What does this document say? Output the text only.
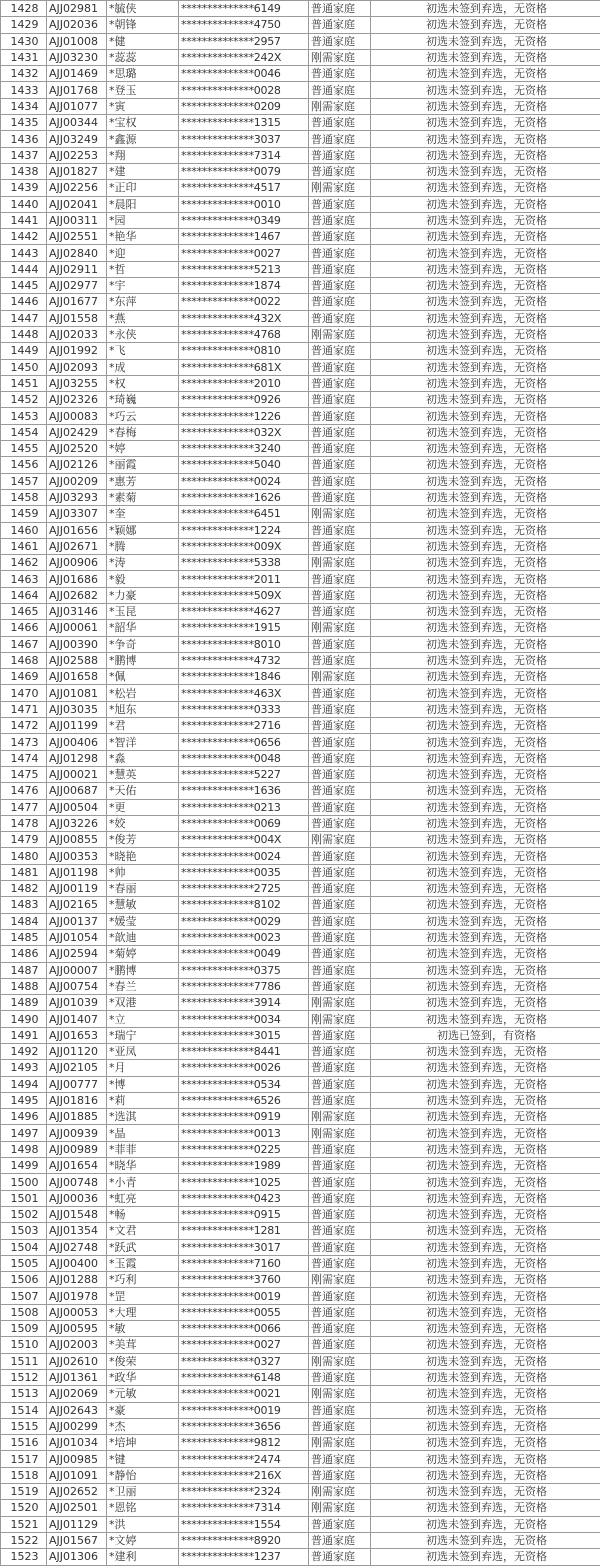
1428	AJJ02981	*毓侠	**************6149	普通家庭	初选未签到弃选，无资格
1429	AJJ02036	*朝锋	**************4750	普通家庭	初选未签到弃选，无资格
1430	AJJ01008	*健	**************2957	普通家庭	初选未签到弃选，无资格
1431	AJJ03230	*蕊蕊	**************242X	刚需家庭	初选未签到弃选，无资格
1432	AJJ01469	*思璐	**************0046	普通家庭	初选未签到弃选，无资格
1433	AJJ01768	*登玉	**************0028	普通家庭	初选未签到弃选，无资格
1434	AJJ01077	*寅	**************0209	刚需家庭	初选未签到弃选，无资格
1435	AJJ00344	*宝权	**************1315	普通家庭	初选未签到弃选，无资格
1436	AJJ03249	*鑫源	**************3037	普通家庭	初选未签到弃选，无资格
1437	AJJ02253	*翔	**************7314	普通家庭	初选未签到弃选，无资格
1438	AJJ01827	*建	**************0079	普通家庭	初选未签到弃选，无资格
1439	AJJ02256	*正印	**************4517	刚需家庭	初选未签到弃选，无资格
1440	AJJ02041	*晨阳	**************0010	普通家庭	初选未签到弃选，无资格
1441	AJJ00311	*园	**************0349	普通家庭	初选未签到弃选，无资格
1442	AJJ02551	*艳华	**************1467	普通家庭	初选未签到弃选，无资格
1443	AJJ02840	*迎	**************0027	普通家庭	初选未签到弃选，无资格
1444	AJJ02911	*哲	**************5213	普通家庭	初选未签到弃选，无资格
1445	AJJ02977	*宇	**************1874	普通家庭	初选未签到弃选，无资格
1446	AJJ01677	*东萍	**************0022	普通家庭	初选未签到弃选，无资格
1447	AJJ01558	*燕	**************432X	普通家庭	初选未签到弃选，无资格
1448	AJJ02033	*永侠	**************4768	刚需家庭	初选未签到弃选，无资格
1449	AJJ01992	*飞	**************0810	普通家庭	初选未签到弃选，无资格
1450	AJJ02093	*成	**************681X	普通家庭	初选未签到弃选，无资格
1451	AJJ03255	*权	**************2010	普通家庭	初选未签到弃选，无资格
1452	AJJ02326	*琦巍	**************0926	普通家庭	初选未签到弃选，无资格
1453	AJJ00083	*巧云	**************1226	普通家庭	初选未签到弃选，无资格
1454	AJJ02429	*春梅	**************032X	普通家庭	初选未签到弃选，无资格
1455	AJJ02520	*婷	**************3240	普通家庭	初选未签到弃选，无资格
1456	AJJ02126	*丽霞	**************5040	普通家庭	初选未签到弃选，无资格
1457	AJJ00209	*惠芳	**************0024	普通家庭	初选未签到弃选，无资格
1458	AJJ03293	*素菊	**************1626	普通家庭	初选未签到弃选，无资格
1459	AJJ03307	*奎	**************6451	刚需家庭	初选未签到弃选，无资格
1460	AJJ01656	*颖娜	**************1224	普通家庭	初选未签到弃选，无资格
1461	AJJ02671	*腾	**************009X	普通家庭	初选未签到弃选，无资格
1462	AJJ00906	*涛	**************5338	刚需家庭	初选未签到弃选，无资格
1463	AJJ01686	*毅	**************2011	普通家庭	初选未签到弃选，无资格
1464	AJJ02682	*力豪	**************509X	普通家庭	初选未签到弃选，无资格
1465	AJJ03146	*玉昆	**************4627	普通家庭	初选未签到弃选，无资格
1466	AJJ00061	*韶华	**************1915	刚需家庭	初选未签到弃选，无资格
1467	AJJ00390	*争奇	**************8010	普通家庭	初选未签到弃选，无资格
1468	AJJ02588	*鹏博	**************4732	普通家庭	初选未签到弃选，无资格
1469	AJJ01658	*佩	**************1846	刚需家庭	初选未签到弃选，无资格
1470	AJJ01081	*松岩	**************463X	普通家庭	初选未签到弃选，无资格
1471	AJJ03035	*旭东	**************0333	普通家庭	初选未签到弃选，无资格
1472	AJJ01199	*君	**************2716	普通家庭	初选未签到弃选，无资格
1473	AJJ00406	*智洋	**************0656	普通家庭	初选未签到弃选，无资格
1474	AJJ01298	*淼	**************0048	普通家庭	初选未签到弃选，无资格
1475	AJJ00021	*慧英	**************5227	普通家庭	初选未签到弃选，无资格
1476	AJJ00687	*天佑	**************1636	普通家庭	初选未签到弃选，无资格
1477	AJJ00504	*更	**************0213	普通家庭	初选未签到弃选，无资格
1478	AJJ03226	*姣	**************0069	普通家庭	初选未签到弃选，无资格
1479	AJJ00855	*俊芳	**************004X	刚需家庭	初选未签到弃选，无资格
1480	AJJ00353	*晓艳	**************0024	普通家庭	初选未签到弃选，无资格
1481	AJJ01198	*帅	**************0035	普通家庭	初选未签到弃选，无资格
1482	AJJ00119	*春丽	**************2725	普通家庭	初选未签到弃选，无资格
1483	AJJ02165	*慧敏	**************8102	普通家庭	初选未签到弃选，无资格
1484	AJJ00137	*媛莹	**************0029	普通家庭	初选未签到弃选，无资格
1485	AJJ01054	*歆迪	**************0023	普通家庭	初选未签到弃选，无资格
1486	AJJ02594	*菊婷	**************0049	普通家庭	初选未签到弃选，无资格
1487	AJJ00007	*鹏博	**************0375	普通家庭	初选未签到弃选，无资格
1488	AJJ00754	*春兰	**************7786	普通家庭	初选未签到弃选，无资格
1489	AJJ01039	*双港	**************3914	刚需家庭	初选未签到弃选，无资格
1490	AJJ01407	*立	**************0034	刚需家庭	初选未签到弃选，无资格
1491	AJJ01653	*瑞宁	**************3015	普通家庭	初选已签到，有资格
1492	AJJ01120	*亚凤	**************8441	普通家庭	初选未签到弃选，无资格
1493	AJJ02105	*月	**************0026	普通家庭	初选未签到弃选，无资格
1494	AJJ00777	*博	**************0534	普通家庭	初选未签到弃选，无资格
1495	AJJ01816	*莉	**************6526	普通家庭	初选未签到弃选，无资格
1496	AJJ01885	*选淇	**************0919	刚需家庭	初选未签到弃选，无资格
1497	AJJ00939	*晶	**************0013	刚需家庭	初选未签到弃选，无资格
1498	AJJ00989	*菲菲	**************0225	普通家庭	初选未签到弃选，无资格
1499	AJJ01654	*晓华	**************1989	普通家庭	初选未签到弃选，无资格
1500	AJJ00748	*小青	**************1025	普通家庭	初选未签到弃选，无资格
1501	AJJ00036	*虹亮	**************0423	普通家庭	初选未签到弃选，无资格
1502	AJJ01548	*畅	**************0915	普通家庭	初选未签到弃选，无资格
1503	AJJ01354	*文君	**************1281	普通家庭	初选未签到弃选，无资格
1504	AJJ02748	*跃武	**************3017	普通家庭	初选未签到弃选，无资格
1505	AJJ00400	*玉霞	**************7160	普通家庭	初选未签到弃选，无资格
1506	AJJ01288	*巧利	**************3760	刚需家庭	初选未签到弃选，无资格
1507	AJJ01978	*罡	**************0019	普通家庭	初选未签到弃选，无资格
1508	AJJ00053	*大理	**************0055	普通家庭	初选未签到弃选，无资格
1509	AJJ00595	*敏	**************0066	普通家庭	初选未签到弃选，无资格
1510	AJJ02003	*美茸	**************0027	普通家庭	初选未签到弃选，无资格
1511	AJJ02610	*俊荣	**************0327	刚需家庭	初选未签到弃选，无资格
1512	AJJ01361	*政华	**************6148	普通家庭	初选未签到弃选，无资格
1513	AJJ02069	*元敏	**************0021	刚需家庭	初选未签到弃选，无资格
1514	AJJ02643	*豪	**************0019	普通家庭	初选未签到弃选，无资格
1515	AJJ00299	*杰	**************3656	普通家庭	初选未签到弃选，无资格
1516	AJJ01034	*培坤	**************9812	刚需家庭	初选未签到弃选，无资格
1517	AJJ00985	*键	**************2474	普通家庭	初选未签到弃选，无资格
1518	AJJ01091	*静怡	**************216X	普通家庭	初选未签到弃选，无资格
1519	AJJ02652	*卫丽	**************2324	刚需家庭	初选未签到弃选，无资格
1520	AJJ02501	*恩铭	**************7314	刚需家庭	初选未签到弃选，无资格
1521	AJJ01129	*洪	**************1554	普通家庭	初选未签到弃选，无资格
1522	AJJ01567	*文婷	**************8920	普通家庭	初选未签到弃选，无资格
1523	AJJ01306	*建利	**************1237	普通家庭	初选未签到弃选，无资格
